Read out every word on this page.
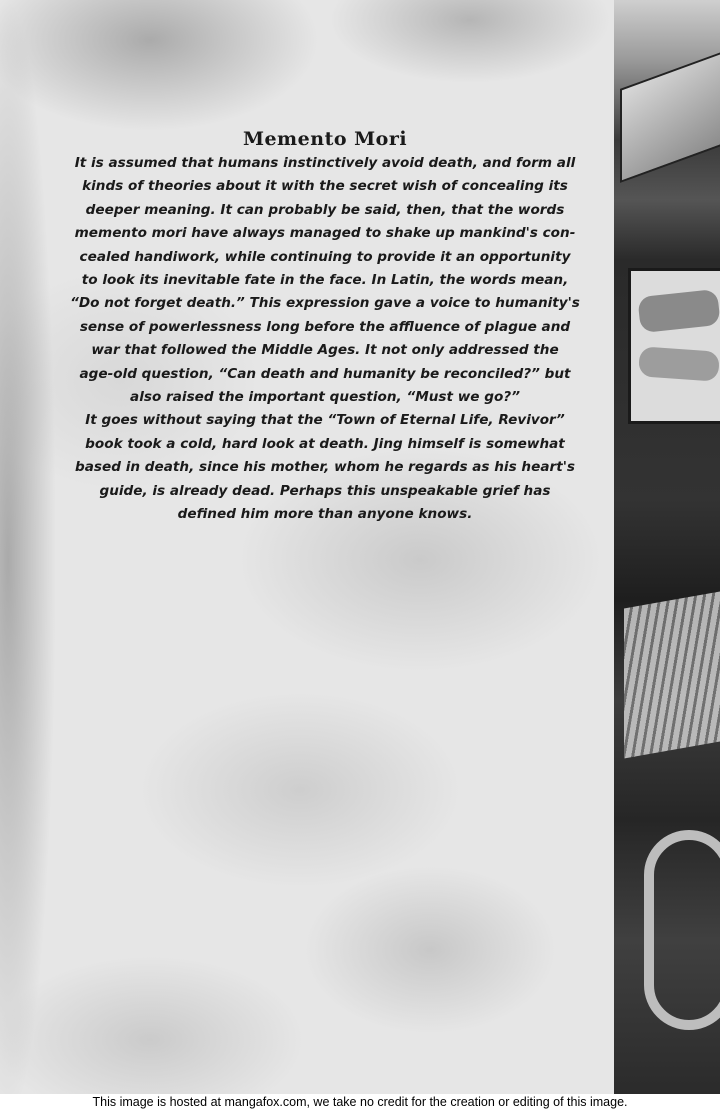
Memento Mori

It is assumed that humans instinctively avoid death, and form all
kinds of theories about it with the secret wish of concealing its
deeper meaning. It can probably be said, then, that the words
memento mori have always managed to shake up mankind's con-
cealed handiwork, while continuing to provide it an opportunity
to look its inevitable fate in the face. In Latin, the words mean,
“Do not forget death.” This expression gave a voice to humanity's
sense of powerlessness long before the affluence of plague and
war that followed the Middle Ages. It not only addressed the
age-old question, “Can death and humanity be reconciled?” but
also raised the important question, “Must we go?”

It goes without saying that the “Town of Eternal Life, Revivor”
book took a cold, hard look at death. Jing himself is somewhat
based in death, since his mother, whom he regards as his heart's
guide, is already dead. Perhaps this unspeakable grief has
defined him more than anyone knows.

This image is hosted at mangafox.com, we take no credit for the creation or editing of this image.
